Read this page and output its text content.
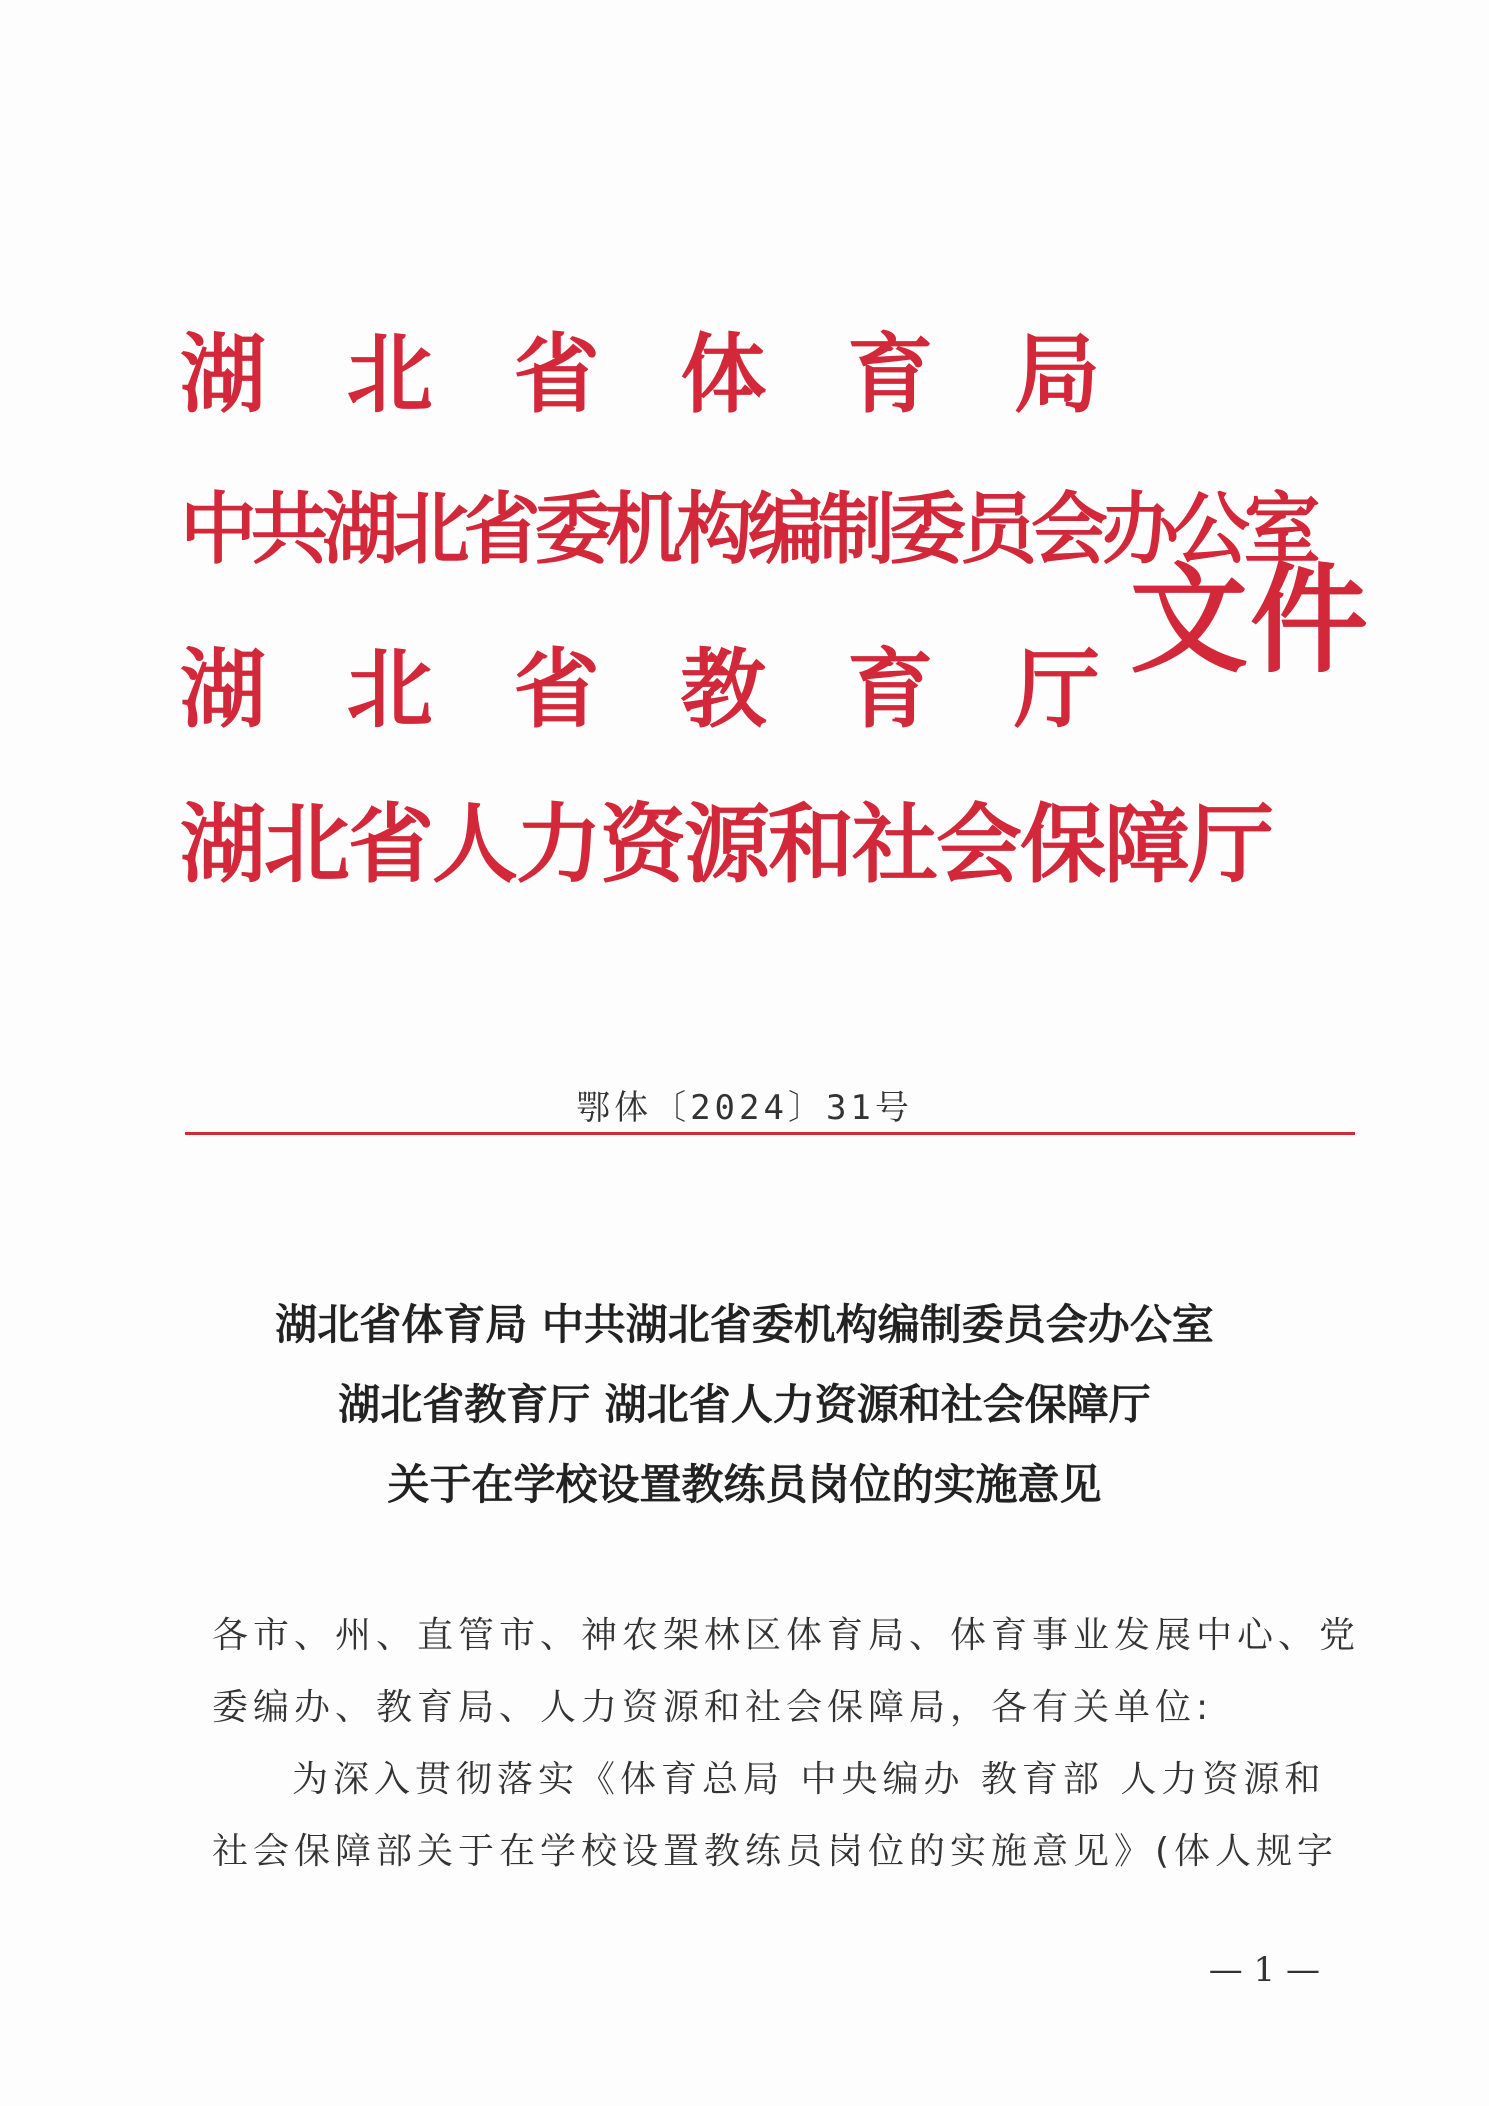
湖 北 省 体 育 局
中共湖北省委机构编制委员会办公室
湖 北 省 教 育 厅
湖北省人力资源和社会保障厅
文件
鄂体〔2024〕31号
湖北省体育局 中共湖北省委机构编制委员会办公室
湖北省教育厅 湖北省人力资源和社会保障厅
关于在学校设置教练员岗位的实施意见
各市、州、直管市、神农架林区体育局、体育事业发展中心、党
委编办、教育局、人力资源和社会保障局，各有关单位:
为深入贯彻落实《体育总局 中央编办 教育部 人力资源和
社会保障部关于在学校设置教练员岗位的实施意见》(体人规字
— 1 —
